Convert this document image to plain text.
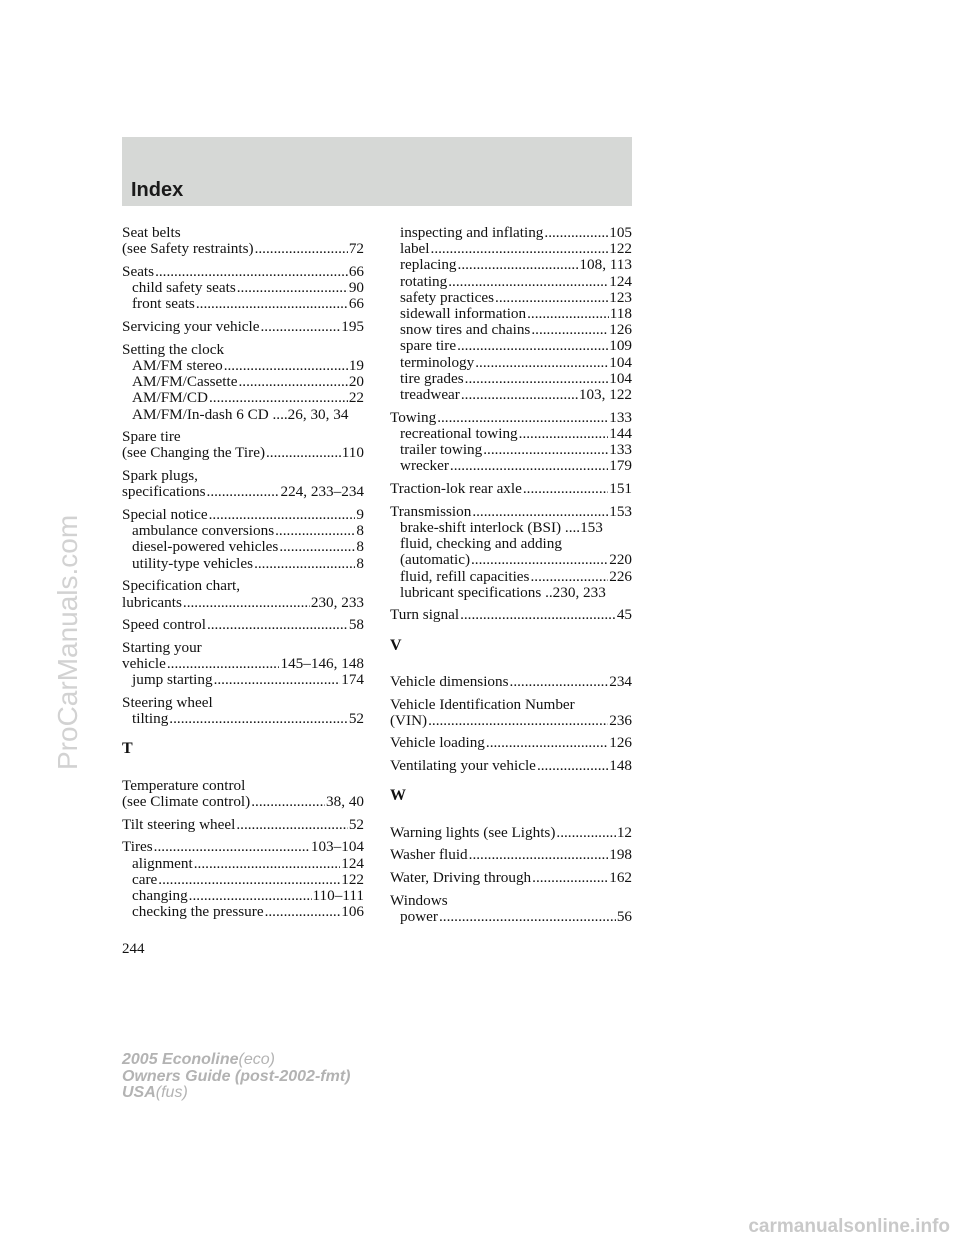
Index
Seat belts
(see Safety restraints) .....	72
Seats .....	66
child safety seats .....	90
front seats .....	66
Servicing your vehicle .....	195
Setting the clock
AM/FM stereo .....	19
AM/FM/Cassette .....	20
AM/FM/CD .....	22
AM/FM/In-dash 6 CD ....26, 30, 34
Spare tire
(see Changing the Tire) .....	110
Spark plugs,
specifications .....	224, 233–234
Special notice .....	9
ambulance conversions .....	8
diesel-powered vehicles .....	8
utility-type vehicles .....	8
Specification chart,
lubricants .....	230, 233
Speed control .....	58
Starting your
vehicle .....	145–146, 148
jump starting .....	174
Steering wheel
tilting .....	52
T
Temperature control
(see Climate control) .....	38, 40
Tilt steering wheel .....	52
Tires .....	103–104
alignment .....	124
care .....	122
changing .....	110–111
checking the pressure .....	106
inspecting and inflating .....	105
label .....	122
replacing .....	108, 113
rotating .....	124
safety practices .....	123
sidewall information .....	118
snow tires and chains .....	126
spare tire .....	109
terminology .....	104
tire grades .....	104
treadwear .....	103, 122
Towing .....	133
recreational towing .....	144
trailer towing .....	133
wrecker .....	179
Traction-lok rear axle .....	151
Transmission .....	153
brake-shift interlock (BSI) ....153
fluid, checking and adding
(automatic) .....	220
fluid, refill capacities .....	226
lubricant specifications ..230, 233
Turn signal .....	45
V
Vehicle dimensions .....	234
Vehicle Identification Number
(VIN) .....	236
Vehicle loading .....	126
Ventilating your vehicle .....	148
W
Warning lights (see Lights) .....	12
Washer fluid .....	198
Water, Driving through .....	162
Windows
power .....	56
244
2005 Econoline(eco)
Owners Guide (post-2002-fmt)
USA(fus)
ProCarManuals.com
carmanualsonline.info
